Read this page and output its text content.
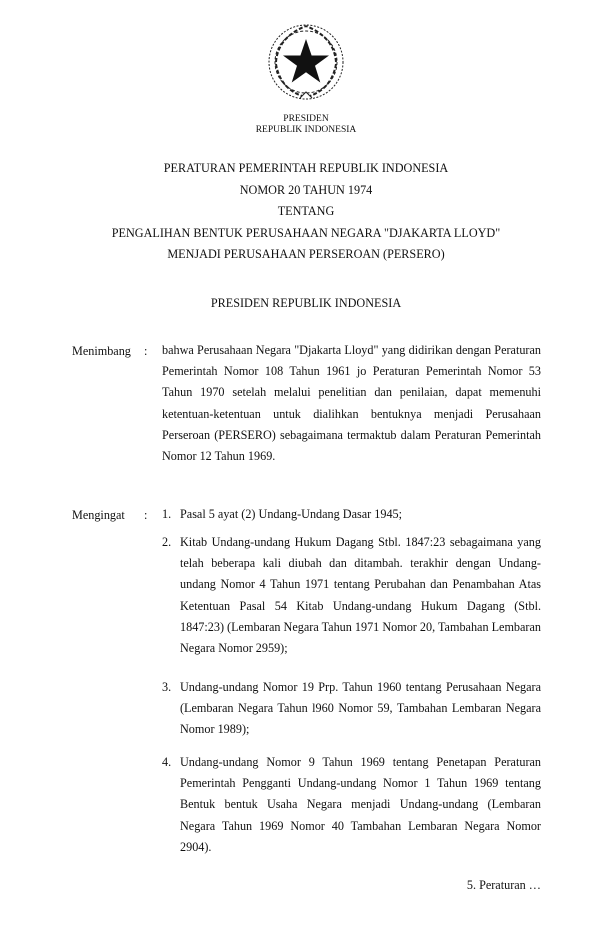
PRESIDEN
REPUBLIK INDONESIA
PERATURAN PEMERINTAH REPUBLIK INDONESIA
NOMOR 20 TAHUN 1974
TENTANG
PENGALIHAN BENTUK PERUSAHAAN NEGARA "DJAKARTA LLOYD"
MENJADI PERUSAHAAN PERSEROAN (PERSERO)
PRESIDEN REPUBLIK INDONESIA
Menimbang : bahwa Perusahaan Negara "Djakarta Lloyd" yang didirikan dengan Peraturan Pemerintah Nomor 108 Tahun 1961 jo Peraturan Pemerintah Nomor 53 Tahun 1970 setelah melalui penelitian dan penilaian, dapat memenuhi ketentuan-ketentuan untuk dialihkan bentuknya menjadi Perusahaan Perseroan (PERSERO) sebagaimana termaktub dalam Peraturan Pemerintah Nomor 12 Tahun 1969.
Mengingat : 1. Pasal 5 ayat (2) Undang-Undang Dasar 1945;
2. Kitab Undang-undang Hukum Dagang Stbl. 1847:23 sebagaimana yang telah beberapa kali diubah dan ditambah. terakhir dengan Undang-undang Nomor 4 Tahun 1971 tentang Perubahan dan Penambahan Atas Ketentuan Pasal 54 Kitab Undang-undang Hukum Dagang (Stbl. 1847:23) (Lembaran Negara Tahun 1971 Nomor 20, Tambahan Lembaran Negara Nomor 2959);
3. Undang-undang Nomor 19 Prp. Tahun 1960 tentang Perusahaan Negara (Lembaran Negara Tahun l960 Nomor 59, Tambahan Lembaran Negara Nomor 1989);
4. Undang-undang Nomor 9 Tahun 1969 tentang Penetapan Peraturan Pemerintah Pengganti Undang-undang Nomor 1 Tahun 1969 tentang Bentuk bentuk Usaha Negara menjadi Undang-undang (Lembaran Negara Tahun 1969 Nomor 40 Tambahan Lembaran Negara Nomor 2904).
5. Peraturan …
